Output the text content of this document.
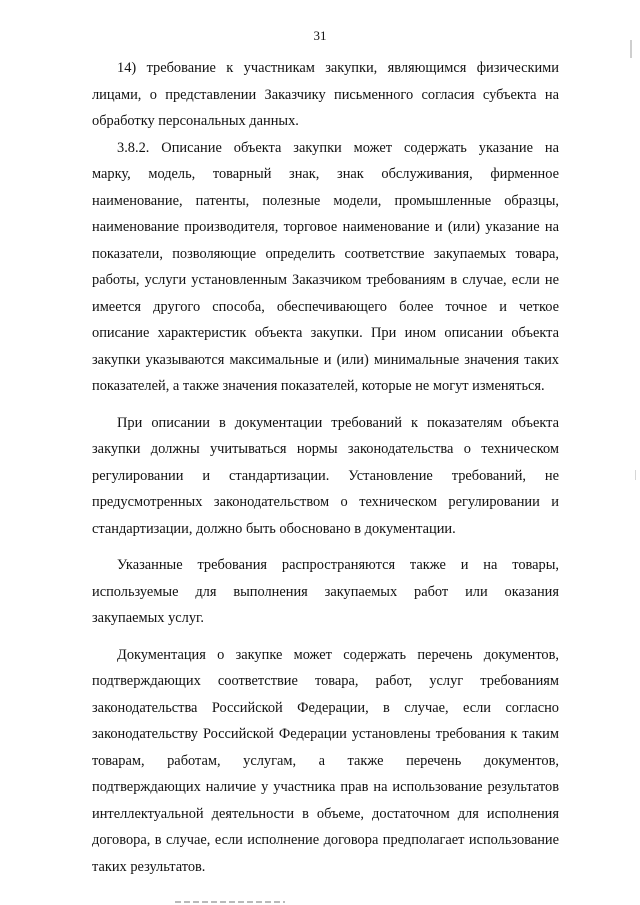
31
14) требование к участникам закупки, являющимся физическими
лицами, о представлении Заказчику письменного согласия субъекта на
обработку персональных данных.
3.8.2. Описание объекта закупки может содержать указание на
марку, модель, товарный знак, знак обслуживания, фирменное
наименование, патенты, полезные модели, промышленные образцы,
наименование производителя, торговое наименование и (или) указание на
показатели, позволяющие определить соответствие закупаемых товара,
работы, услуги установленным Заказчиком требованиям в случае, если не
имеется другого способа, обеспечивающего более точное и четкое
описание характеристик объекта закупки. При ином описании объекта
закупки указываются максимальные и (или) минимальные значения таких
показателей, а также значения показателей, которые не могут изменяться.
При описании в документации требований к показателям объекта
закупки должны учитываться нормы законодательства о техническом
регулировании и стандартизации. Установление требований, не
предусмотренных законодательством о техническом регулировании и
стандартизации, должно быть обосновано в документации.
Указанные требования распространяются также и на товары,
используемые для выполнения закупаемых работ или оказания
закупаемых услуг.
Документация о закупке может содержать перечень документов,
подтверждающих соответствие товара, работ, услуг требованиям
законодательства Российской Федерации, в случае, если согласно
законодательству Российской Федерации установлены требования к таким
товарам, работам, услугам, а также перечень документов,
подтверждающих наличие у участника прав на использование результатов
интеллектуальной деятельности в объеме, достаточном для исполнения
договора, в случае, если исполнение договора предполагает использование
таких результатов.
